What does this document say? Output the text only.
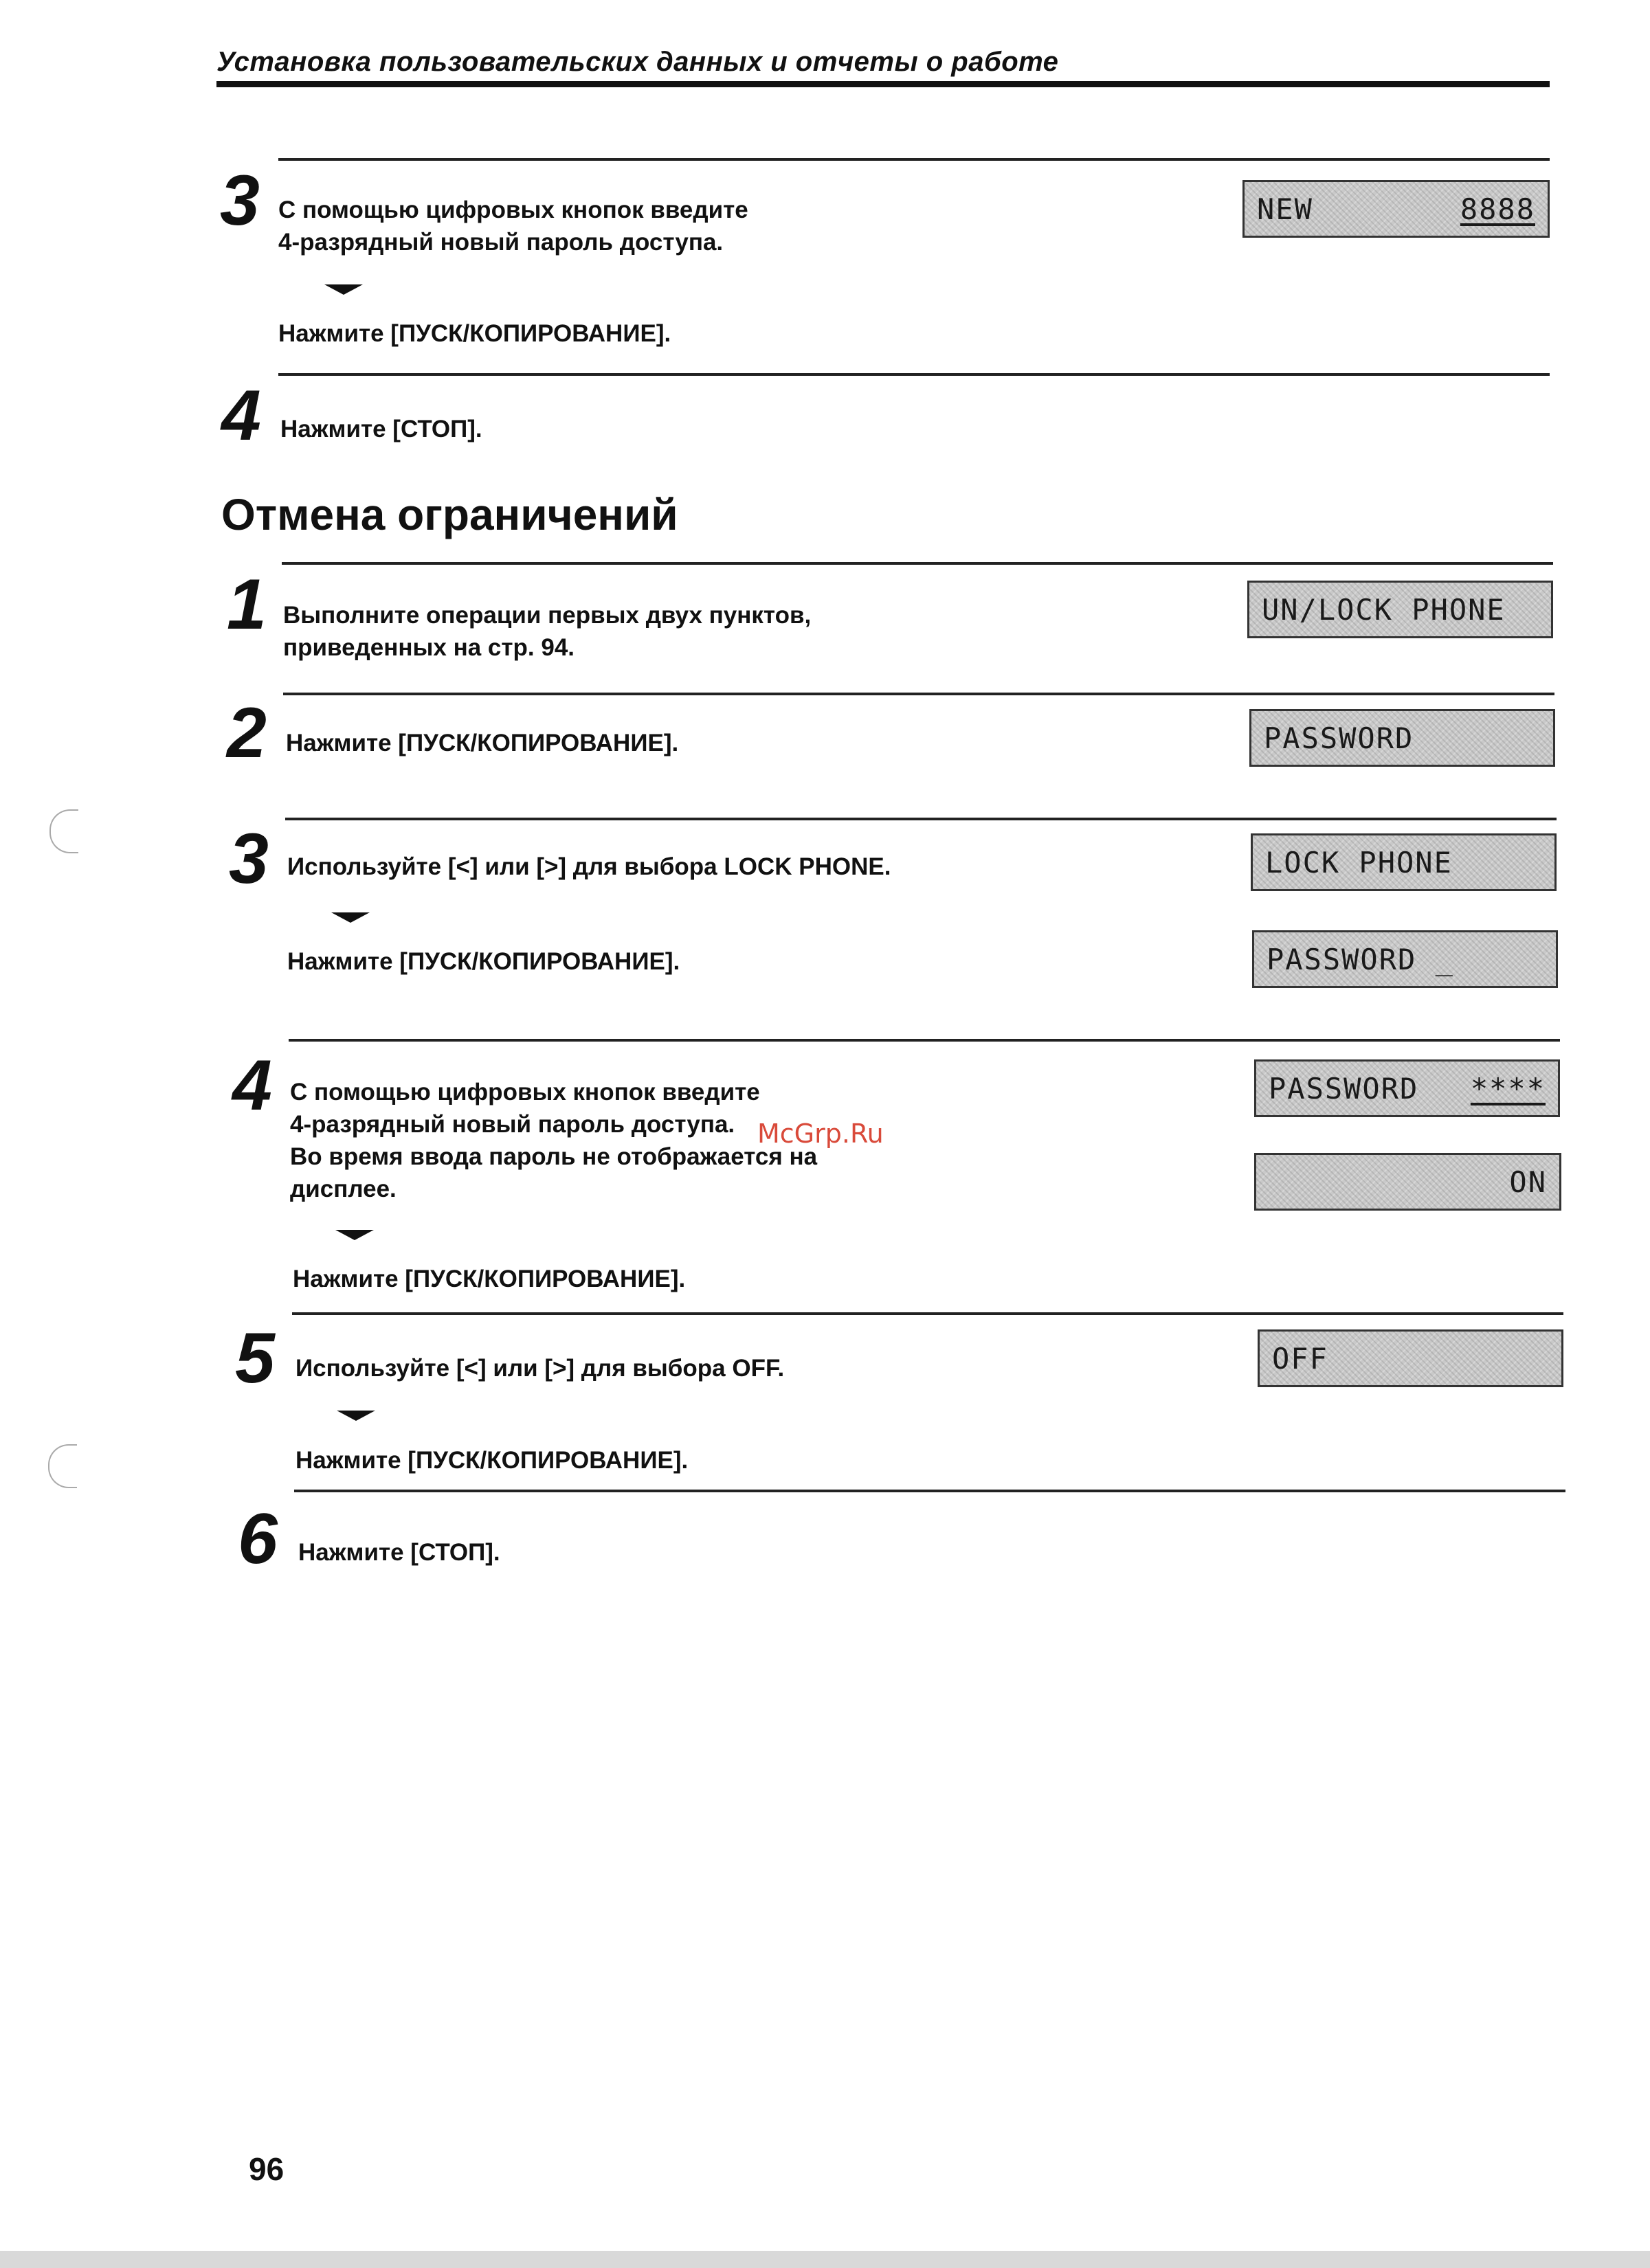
Установка пользовательских данных и отчеты о работе
3 С помощью цифровых кнопок введите
4-разрядный новый пароль доступа.
Нажмите [ПУСК/КОПИРОВАНИЕ].
NEW	8888
4 Нажмите [СТОП].
Отмена ограничений
1 Выполните операции первых двух пунктов,
приведенных на стр. 94.
UN/LOCK PHONE
2 Нажмите [ПУСК/КОПИРОВАНИЕ].	PASSWORD
3 Используйте [<] или [>] для выбора LOCK PHONE.
Нажмите [ПУСК/КОПИРОВАНИЕ].
LOCK PHONE
PASSWORD _
4 С помощью цифровых кнопок введите
4-разрядный новый пароль доступа.
Во время ввода пароль не отображается на
дисплее.
Нажмите [ПУСК/КОПИРОВАНИЕ].
PASSWORD ****
ON
5 Используйте [<] или [>] для выбора OFF.
Нажмите [ПУСК/КОПИРОВАНИЕ].
OFF
6 Нажмите [СТОП].
McGrp.Ru
96
